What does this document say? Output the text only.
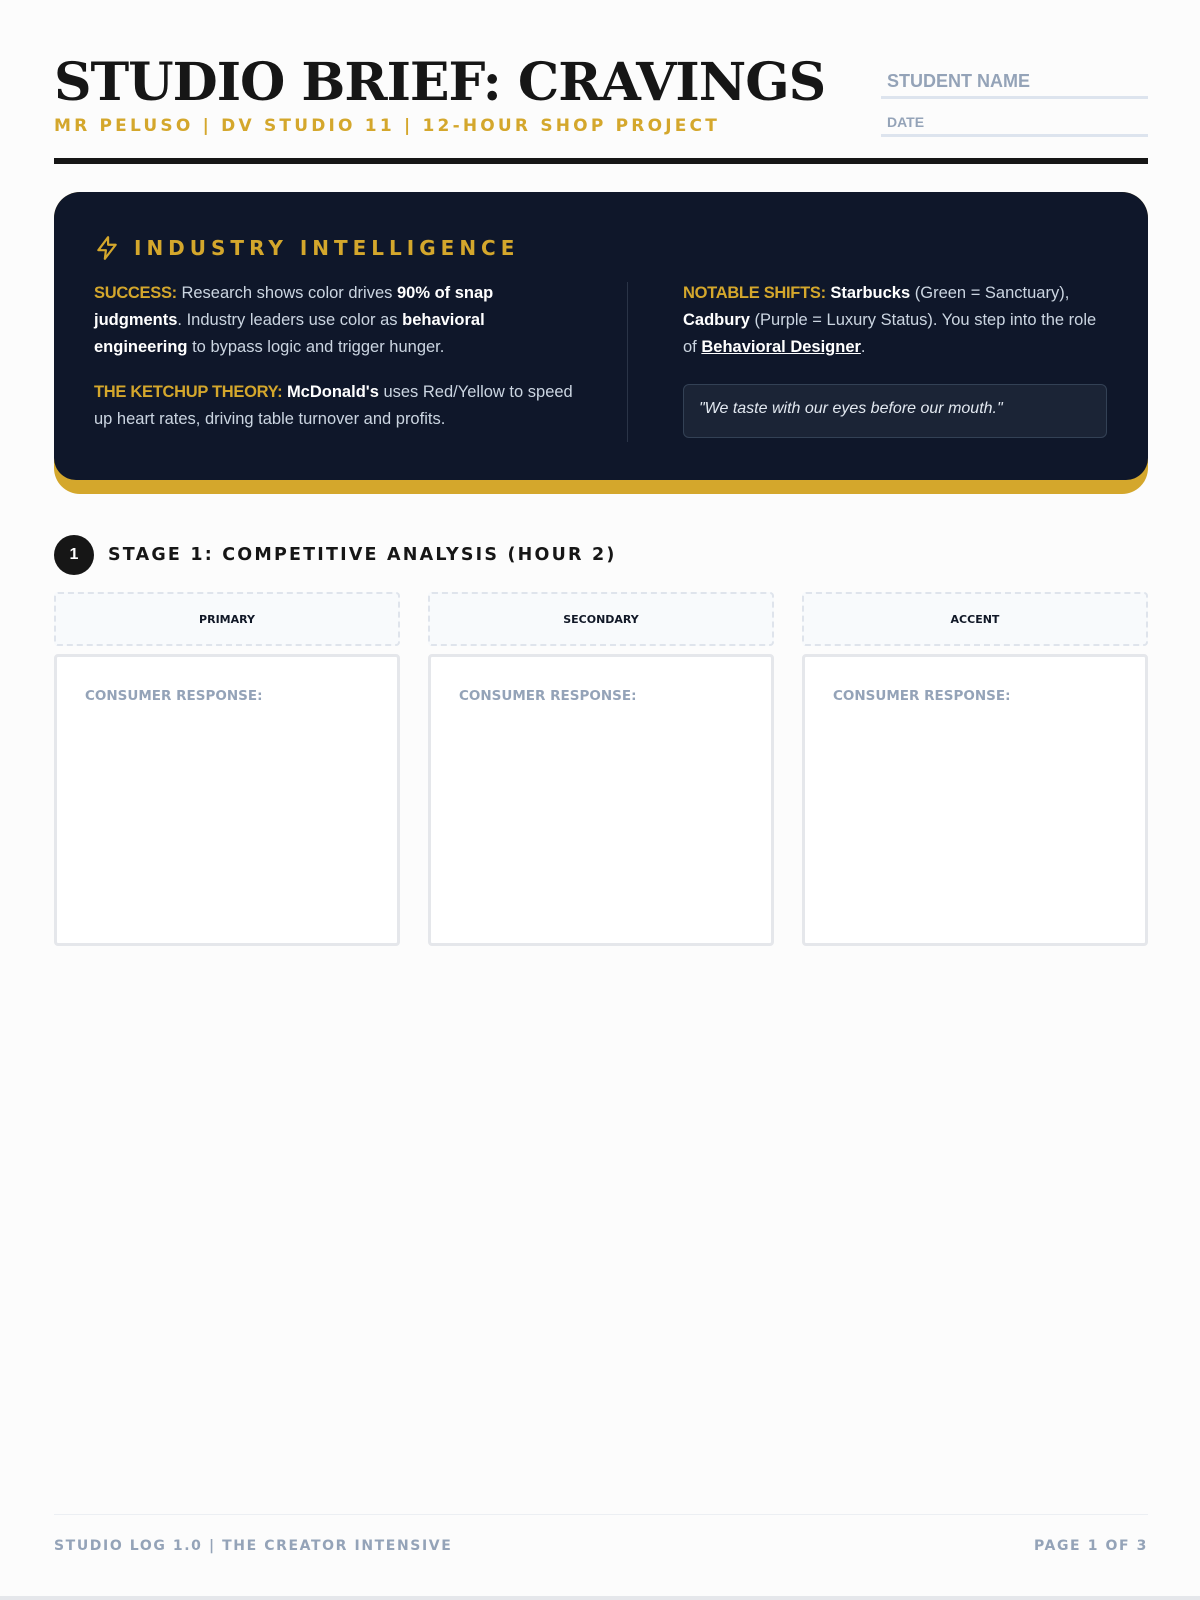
STUDIO BRIEF: CRAVINGS
MR PELUSO | DV STUDIO 11 | 12-HOUR SHOP PROJECT
STUDENT NAME
DATE
INDUSTRY INTELLIGENCE

SUCCESS: Research shows color drives 90% of snap judgments. Industry leaders use color as behavioral engineering to bypass logic and trigger hunger.

THE KETCHUP THEORY: McDonald's uses Red/Yellow to speed up heart rates, driving table turnover and profits.

NOTABLE SHIFTS: Starbucks (Green = Sanctuary), Cadbury (Purple = Luxury Status). You step into the role of Behavioral Designer.

"We taste with our eyes before our mouth."
1	STAGE 1: COMPETITIVE ANALYSIS (HOUR 2)
PRIMARY
CONSUMER RESPONSE:
SECONDARY
CONSUMER RESPONSE:
ACCENT
CONSUMER RESPONSE:
STUDIO LOG 1.0 | THE CREATOR INTENSIVE	PAGE 1 OF 3
